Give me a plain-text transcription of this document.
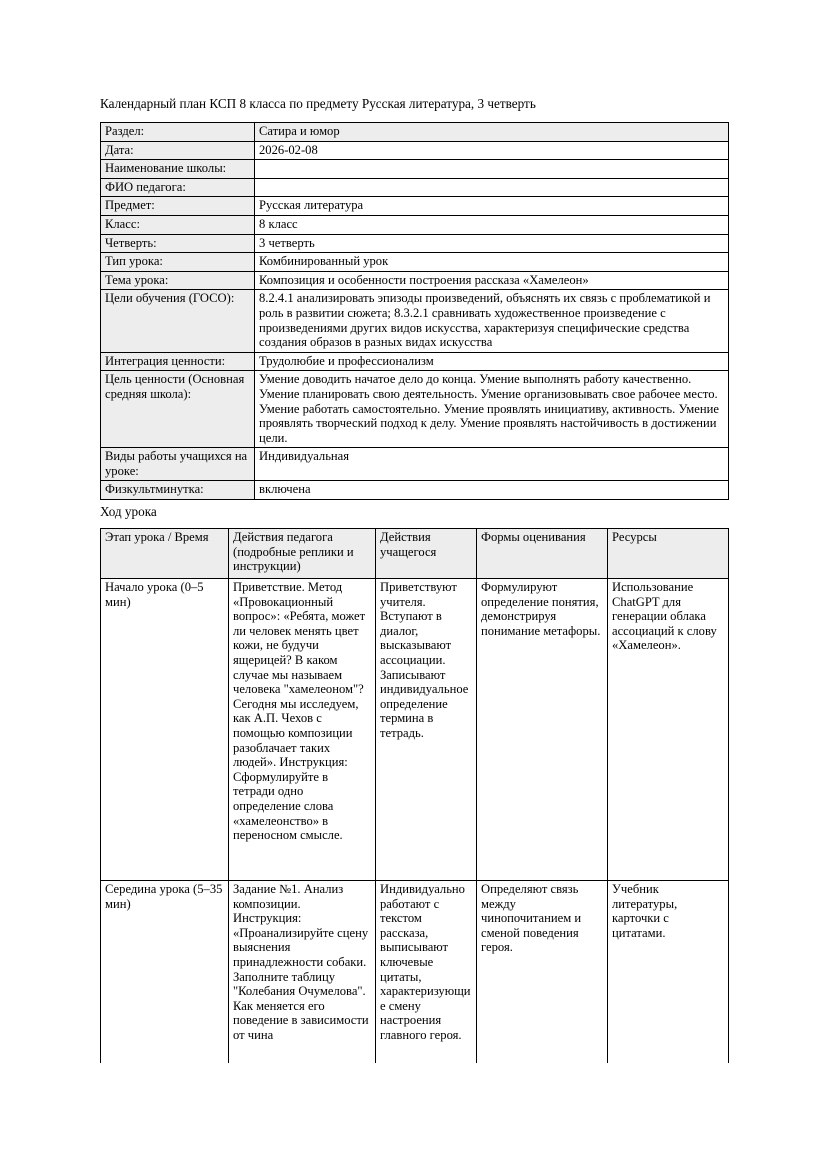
Календарный план КСП 8 класса по предмету Русская литература, 3 четверть
Раздел:	Сатира и юмор
Дата:	2026-02-08
Наименование школы:	
ФИО педагога:	
Предмет:	Русская литература
Класс:	8 класс
Четверть:	3 четверть
Тип урока:	Комбинированный урок
Тема урока:	Композиция и особенности построения рассказа «Хамелеон»
Цели обучения (ГОСО):	8.2.4.1 анализировать эпизоды произведений, объяснять их связь с проблематикой и роль в развитии сюжета; 8.3.2.1 сравнивать художественное произведение с произведениями других видов искусства, характеризуя специфические средства создания образов в разных видах искусства
Интеграция ценности:	Трудолюбие и профессионализм
Цель ценности (Основная средняя школа):	Умение доводить начатое дело до конца. Умение выполнять работу качественно. Умение планировать свою деятельность. Умение организовывать свое рабочее место. Умение работать самостоятельно. Умение проявлять инициативу, активность. Умение проявлять творческий подход к делу. Умение проявлять настойчивость в достижении цели.
Виды работы учащихся на уроке:	Индивидуальная
Физкультминутка:	включена
Ход урока
Этап урока / Время	Действия педагога (подробные реплики и инструкции)	Действия учащегося	Формы оценивания	Ресурсы
Начало урока (0–5 мин)	Приветствие. Метод «Провокационный вопрос»: «Ребята, может ли человек менять цвет кожи, не будучи ящерицей? В каком случае мы называем человека "хамелеоном"? Сегодня мы исследуем, как А.П. Чехов с помощью композиции разоблачает таких людей». Инструкция: Сформулируйте в тетради одно определение слова «хамелеонство» в переносном смысле.	Приветствуют учителя. Вступают в диалог, высказывают ассоциации. Записывают индивидуальное определение термина в тетрадь.	Формулируют определение понятия, демонстрируя понимание метафоры.	Использование ChatGPT для генерации облака ассоциаций к слову «Хамелеон».
Середина урока (5–35 мин)	Задание №1. Анализ композиции. Инструкция: «Проанализируйте сцену выяснения принадлежности собаки. Заполните таблицу "Колебания Очумелова". Как меняется его поведение в зависимости от чина	Индивидуально работают с текстом рассказа, выписывают ключевые цитаты, характеризующие смену настроения главного героя.	Определяют связь между чинопочитанием и сменой поведения героя.	Учебник литературы, карточки с цитатами.
